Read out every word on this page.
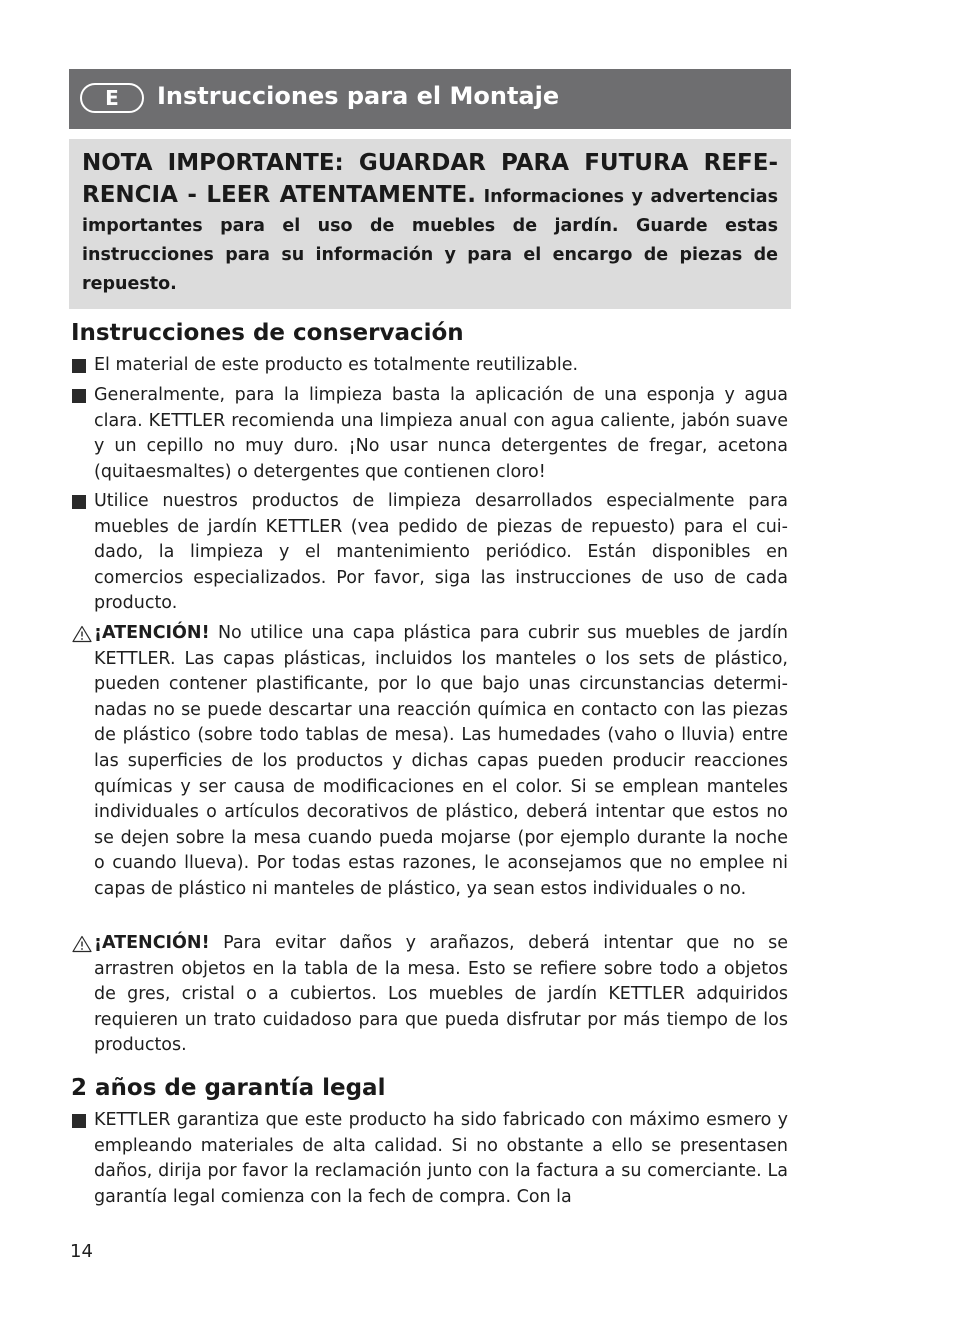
E	Instrucciones para el Montaje

NOTA IMPORTANTE: GUARDAR PARA FUTURA REFERENCIA - LEER ATENTAMENTE. Informaciones y advertencias importantes para el uso de muebles de jardín. Guarde estas instrucciones para su información y para el encargo de piezas de repuesto.

Instrucciones de conservación

El material de este producto es totalmente reutilizable.

Generalmente, para la limpieza basta la aplicación de una esponja y agua clara. KETTLER recomienda una limpieza anual con agua caliente, jabón suave y un cepillo no muy duro. ¡No usar nunca detergentes de fregar, acetona (quitaesmaltes) o detergentes que contienen cloro!

Utilice nuestros productos de limpieza desarrollados especialmente para muebles de jardín KETTLER (vea pedido de piezas de repuesto) para el cuidado, la limpieza y el mantenimiento periódico. Están disponibles en comercios especializados. Por favor, siga las instrucciones de uso de cada producto.

¡ATENCIÓN! No utilice una capa plástica para cubrir sus muebles de jardín KETTLER. Las capas plásticas, incluidos los manteles o los sets de plástico, pueden contener plastificante, por lo que bajo unas circunstancias determinadas no se puede descartar una reacción química en contacto con las piezas de plástico (sobre todo tablas de mesa). Las humedades (vaho o lluvia) entre las superficies de los productos y dichas capas pueden producir reacciones químicas y ser causa de modificaciones en el color. Si se emplean manteles individuales o artículos decorativos de plástico, deberá intentar que estos no se dejen sobre la mesa cuando pueda mojarse (por ejemplo durante la noche o cuando llueva). Por todas estas razones, le aconsejamos que no emplee ni capas de plástico ni manteles de plástico, ya sean estos individuales o no.

¡ATENCIÓN! Para evitar daños y arañazos, deberá intentar que no se arrastren objetos en la tabla de la mesa. Esto se refiere sobre todo a objetos de gres, cristal o a cubiertos. Los muebles de jardín KETTLER adquiridos requieren un trato cuidadoso para que pueda disfrutar por más tiempo de los productos.

2 años de garantía legal

KETTLER garantiza que este producto ha sido fabricado con máximo esmero y empleando materiales de alta calidad. Si no obstante a ello se presentasen daños, dirija por favor la reclamación junto con la factura a su comerciante. La garantía legal comienza con la fech de compra. Con la

14
